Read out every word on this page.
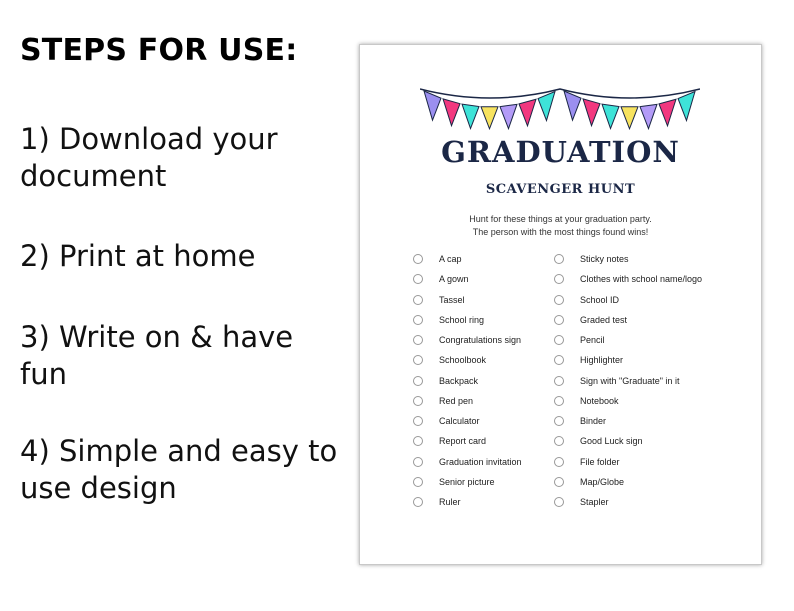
STEPS FOR USE:
1) Download your document
2) Print at home
3) Write on & have fun
4) Simple and easy to use design
GRADUATION
SCAVENGER HUNT
Hunt for these things at your graduation party.
The person with the most things found wins!
A cap
A gown
Tassel
School ring
Congratulations sign
Schoolbook
Backpack
Red pen
Calculator
Report card
Graduation invitation
Senior picture
Ruler
Sticky notes
Clothes with school name/logo
School ID
Graded test
Pencil
Highlighter
Sign with "Graduate" in it
Notebook
Binder
Good Luck sign
File folder
Map/Globe
Stapler
